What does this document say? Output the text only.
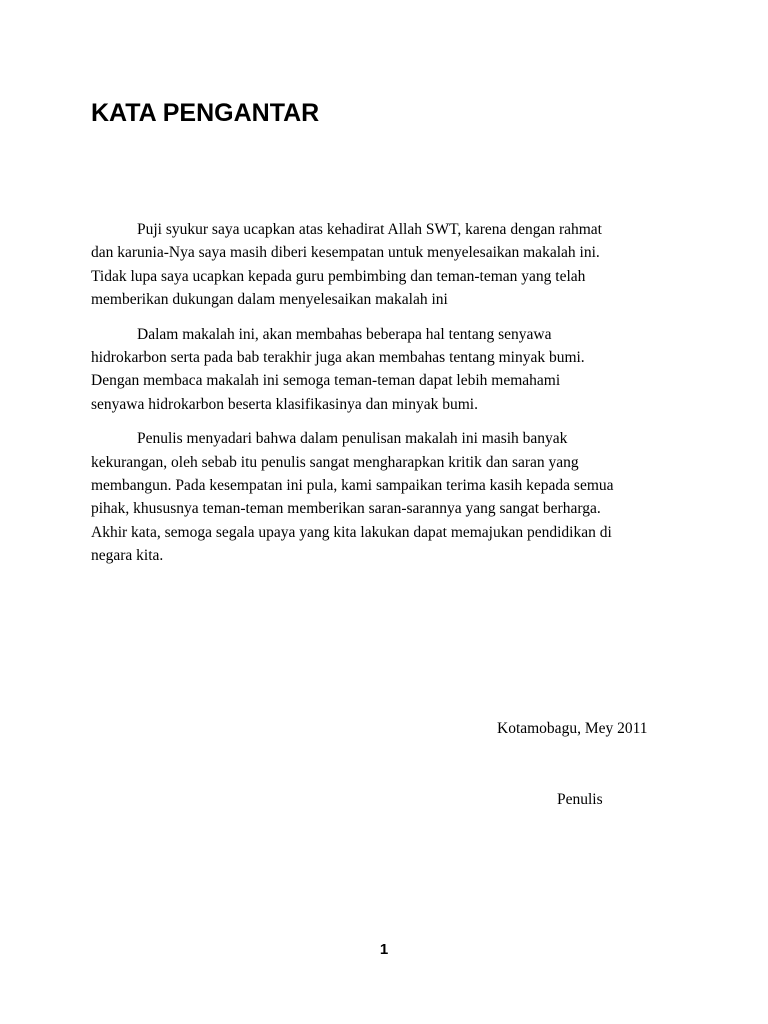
KATA PENGANTAR

Puji syukur saya ucapkan atas kehadirat Allah SWT, karena dengan rahmat
dan karunia-Nya saya masih diberi kesempatan untuk menyelesaikan makalah ini.
Tidak lupa saya ucapkan kepada guru pembimbing dan teman-teman yang telah
memberikan dukungan dalam menyelesaikan makalah ini

Dalam makalah ini, akan membahas beberapa hal tentang senyawa
hidrokarbon serta pada bab terakhir juga akan membahas tentang minyak bumi.
Dengan membaca makalah ini semoga teman-teman dapat lebih memahami
senyawa hidrokarbon beserta klasifikasinya dan minyak bumi.

Penulis menyadari bahwa dalam penulisan makalah ini masih banyak
kekurangan, oleh sebab itu penulis sangat mengharapkan kritik dan saran yang
membangun. Pada kesempatan ini pula, kami sampaikan terima kasih kepada semua
pihak, khususnya teman-teman memberikan saran-sarannya yang sangat berharga.
Akhir kata, semoga segala upaya yang kita lakukan dapat memajukan pendidikan di
negara kita.

Kotamobagu, Mey 2011

Penulis

1
